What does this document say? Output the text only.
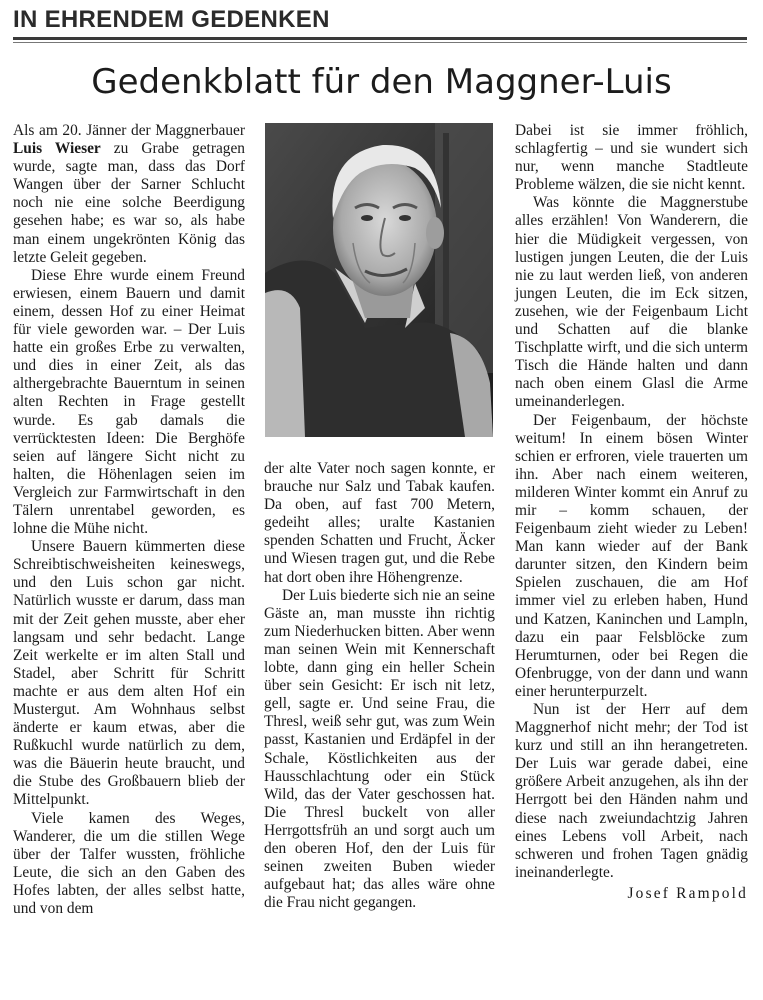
IN EHRENDEM GEDENKEN
Gedenkblatt für den Maggner-Luis

Als am 20. Jänner der Maggnerbauer Luis Wieser zu Grabe getragen wurde, sagte man, dass das Dorf Wangen über der Sarner Schlucht noch nie eine solche Beerdigung gesehen habe; es war so, als habe man einem ungekrönten König das letzte Geleit gegeben.

Diese Ehre wurde einem Freund erwiesen, einem Bauern und damit einem, dessen Hof zu einer Heimat für viele geworden war. – Der Luis hatte ein großes Erbe zu verwalten, und dies in einer Zeit, als das althergebrachte Bauerntum in seinen alten Rechten in Frage gestellt wurde. Es gab damals die verrücktesten Ideen: Die Berghöfe seien auf längere Sicht nicht zu halten, die Höhenlagen seien im Vergleich zur Farmwirtschaft in den Tälern unrentabel geworden, es lohne die Mühe nicht.

Unsere Bauern kümmerten diese Schreibtischweisheiten keineswegs, und den Luis schon gar nicht. Natürlich wusste er darum, dass man mit der Zeit gehen musste, aber eher langsam und sehr bedacht. Lange Zeit werkelte er im alten Stall und Stadel, aber Schritt für Schritt machte er aus dem alten Hof ein Mustergut. Am Wohnhaus selbst änderte er kaum etwas, aber die Rußkuchl wurde natürlich zu dem, was die Bäuerin heute braucht, und die Stube des Großbauern blieb der Mittelpunkt.

Viele kamen des Weges, Wanderer, die um die stillen Wege über der Talfer wussten, fröhliche Leute, die sich an den Gaben des Hofes labten, der alles selbst hatte, und von dem

der alte Vater noch sagen konnte, er brauche nur Salz und Tabak kaufen. Da oben, auf fast 700 Metern, gedeiht alles; uralte Kastanien spenden Schatten und Frucht, Äcker und Wiesen tragen gut, und die Rebe hat dort oben ihre Höhengrenze.

Der Luis biederte sich nie an seine Gäste an, man musste ihn richtig zum Niederhucken bitten. Aber wenn man seinen Wein mit Kennerschaft lobte, dann ging ein heller Schein über sein Gesicht: Er isch nit letz, gell, sagte er. Und seine Frau, die Thresl, weiß sehr gut, was zum Wein passt, Kastanien und Erdäpfel in der Schale, Köstlichkeiten aus der Hausschlachtung oder ein Stück Wild, das der Vater geschossen hat. Die Thresl buckelt von aller Herrgottsfrüh an und sorgt auch um den oberen Hof, den der Luis für seinen zweiten Buben wieder aufgebaut hat; das alles wäre ohne die Frau nicht gegangen.

Dabei ist sie immer fröhlich, schlagfertig – und sie wundert sich nur, wenn manche Stadtleute Probleme wälzen, die sie nicht kennt.

Was könnte die Maggnerstube alles erzählen! Von Wanderern, die hier die Müdigkeit vergessen, von lustigen jungen Leuten, die der Luis nie zu laut werden ließ, von anderen jungen Leuten, die im Eck sitzen, zusehen, wie der Feigenbaum Licht und Schatten auf die blanke Tischplatte wirft, und die sich unterm Tisch die Hände halten und dann nach oben einem Glasl die Arme umeinanderlegen.

Der Feigenbaum, der höchste weitum! In einem bösen Winter schien er erfroren, viele trauerten um ihn. Aber nach einem weiteren, milderen Winter kommt ein Anruf zu mir – komm schauen, der Feigenbaum zieht wieder zu Leben! Man kann wieder auf der Bank darunter sitzen, den Kindern beim Spielen zuschauen, die am Hof immer viel zu erleben haben, Hund und Katzen, Kaninchen und Lampln, dazu ein paar Felsblöcke zum Herumturnen, oder bei Regen die Ofenbrugge, von der dann und wann einer herunterpurzelt.

Nun ist der Herr auf dem Maggnerhof nicht mehr; der Tod ist kurz und still an ihn herangetreten. Der Luis war gerade dabei, eine größere Arbeit anzugehen, als ihn der Herrgott bei den Händen nahm und diese nach zweiundachtzig Jahren eines Lebens voll Arbeit, nach schweren und frohen Tagen gnädig ineinanderlegte.

Josef Rampold
